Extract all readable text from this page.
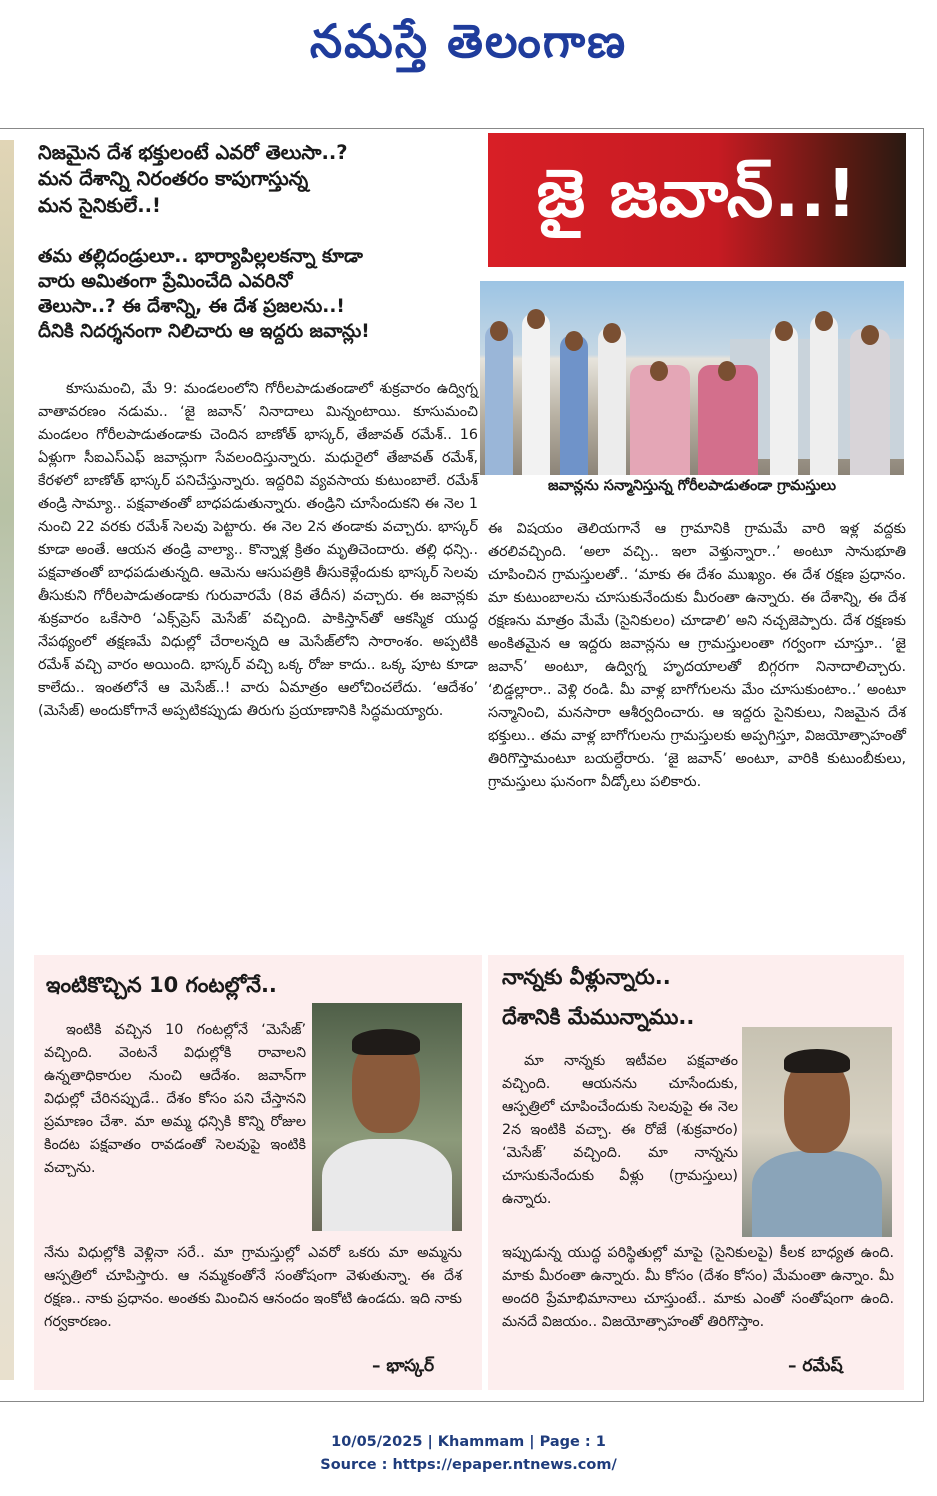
నమస్తే తెలంగాణ
నిజమైన దేశ భక్తులంటే ఎవరో తెలుసా..?
మన దేశాన్ని నిరంతరం కాపుగాస్తున్న
మన సైనికులే..!
తమ తల్లిదండ్రులూ.. భార్యాపిల్లలకన్నా కూడా
వారు అమితంగా ప్రేమించేది ఎవరినో
తెలుసా..? ఈ దేశాన్ని, ఈ దేశ ప్రజలను..!
దీనికి నిదర్శనంగా నిలిచారు ఆ ఇద్దరు జవాన్లు!
జై జవాన్..!
జవాన్లను సన్మానిస్తున్న గోరీలపాడుతండా గ్రామస్తులు
కూసుమంచి, మే 9: మండలంలోని గోరీలపాడుతండాలో శుక్రవారం ఉద్విగ్న వాతావరణం నడుమ.. ‘జై జవాన్’ నినాదాలు మిన్నంటాయి. కూసుమంచి మండలం గోరీలపాడుతండాకు చెందిన బాణోత్ భాస్కర్, తేజావత్ రమేశ్.. 16 ఏళ్లుగా సీఐఎస్ఎఫ్ జవాన్లుగా సేవలందిస్తున్నారు. మధురైలో తేజావత్ రమేశ్, కేరళలో బాణోత్ భాస్కర్ పనిచేస్తున్నారు. ఇద్దరివి వ్యవసాయ కుటుంబాలే. రమేశ్ తండ్రి సామ్యా.. పక్షవాతంతో బాధపడుతున్నారు. తండ్రిని చూసేందుకని ఈ నెల 1 నుంచి 22 వరకు రమేశ్ సెలవు పెట్టారు. ఈ నెల 2న తండాకు వచ్చారు. భాస్కర్ కూడా అంతే. ఆయన తండ్రి వాల్యా.. కొన్నాళ్ల క్రితం మృతిచెందారు. తల్లి ధన్సి.. పక్షవాతంతో బాధపడుతున్నది. ఆమెను ఆసుపత్రికి తీసుకెళ్లేందుకు భాస్కర్ సెలవు తీసుకుని గోరీలపాడుతండాకు గురువారమే (8వ తేదీన) వచ్చారు. ఈ జవాన్లకు శుక్రవారం ఒకేసారి ‘ఎక్స్‌ప్రెస్ మెసేజ్’ వచ్చింది. పాకిస్తాన్‌తో ఆకస్మిక యుద్ధ నేపథ్యంలో తక్షణమే విధుల్లో చేరాలన్నది ఆ మెసేజ్‌లోని సారాంశం. అప్పటికి రమేశ్ వచ్చి వారం అయింది. భాస్కర్ వచ్చి ఒక్క రోజు కాదు.. ఒక్క పూట కూడా కాలేదు.. ఇంతలోనే ఆ మెసేజ్..! వారు ఏమాత్రం ఆలోచించలేదు. ‘ఆదేశం’ (మెసేజ్) అందుకోగానే అప్పటికప్పుడు తిరుగు ప్రయాణానికి సిద్ధమయ్యారు.
ఈ విషయం తెలియగానే ఆ గ్రామానికి గ్రామమే వారి ఇళ్ల వద్దకు తరలివచ్చింది. ‘అలా వచ్చి.. ఇలా వెళ్తున్నారా..’ అంటూ సానుభూతి చూపించిన గ్రామస్తులతో.. ‘మాకు ఈ దేశం ముఖ్యం. ఈ దేశ రక్షణ ప్రధానం. మా కుటుంబాలను చూసుకునేందుకు మీరంతా ఉన్నారు. ఈ దేశాన్ని, ఈ దేశ రక్షణను మాత్రం మేమే (సైనికులం) చూడాలి’ అని నచ్చజెప్పారు. దేశ రక్షణకు అంకితమైన ఆ ఇద్దరు జవాన్లను ఆ గ్రామస్తులంతా గర్వంగా చూస్తూ.. ‘జై జవాన్’ అంటూ, ఉద్విగ్న హృదయాలతో బిగ్గరగా నినాదాలిచ్చారు. ‘బిడ్డల్లారా.. వెళ్లి రండి. మీ వాళ్ల బాగోగులను మేం చూసుకుంటాం..’ అంటూ సన్మానించి, మనసారా ఆశీర్వదించారు. ఆ ఇద్దరు సైనికులు, నిజమైన దేశ భక్తులు.. తమ వాళ్ల బాగోగులను గ్రామస్తులకు అప్పగిస్తూ, విజయోత్సాహంతో తిరిగొస్తామంటూ బయల్దేరారు. ‘జై జవాన్’ అంటూ, వారికి కుటుంబీకులు, గ్రామస్తులు ఘనంగా వీడ్కోలు పలికారు.
ఇంటికొచ్చిన 10 గంటల్లోనే..
ఇంటికి వచ్చిన 10 గంటల్లోనే ‘మెసేజ్’ వచ్చింది. వెంటనే విధుల్లోకి రావాలని ఉన్నతాధికారుల నుంచి ఆదేశం. జవాన్‌గా విధుల్లో చేరినప్పుడే.. దేశం కోసం పని చేస్తానని ప్రమాణం చేశా. మా అమ్మ ధన్సికి కొన్ని రోజుల కిందట పక్షవాతం రావడంతో సెలవుపై ఇంటికి వచ్చాను.
నేను విధుల్లోకి వెళ్లినా సరే.. మా గ్రామస్తుల్లో ఎవరో ఒకరు మా అమ్మను ఆస్పత్రిలో చూపిస్తారు. ఆ నమ్మకంతోనే సంతోషంగా వెళుతున్నా. ఈ దేశ రక్షణ.. నాకు ప్రధానం. అంతకు మించిన ఆనందం ఇంకోటి ఉండదు. ఇది నాకు గర్వకారణం.
– భాస్కర్
నాన్నకు వీళ్లున్నారు..
దేశానికి మేమున్నాము..
మా నాన్నకు ఇటీవల పక్షవాతం వచ్చింది. ఆయనను చూసేందుకు, ఆస్పత్రిలో చూపించేందుకు సెలవుపై ఈ నెల 2న ఇంటికి వచ్చా. ఈ రోజే (శుక్రవారం) ‘మెసేజ్’ వచ్చింది. మా నాన్నను చూసుకునేందుకు వీళ్లు (గ్రామస్తులు) ఉన్నారు.
ఇప్పుడున్న యుద్ధ పరిస్థితుల్లో మాపై (సైనికులపై) కీలక బాధ్యత ఉంది. మాకు మీరంతా ఉన్నారు. మీ కోసం (దేశం కోసం) మేమంతా ఉన్నాం. మీ అందరి ప్రేమాభిమానాలు చూస్తుంటే.. మాకు ఎంతో సంతోషంగా ఉంది. మనదే విజయం.. విజయోత్సాహంతో తిరిగొస్తాం.
– రమేష్
10/05/2025 | Khammam | Page : 1
Source : https://epaper.ntnews.com/
